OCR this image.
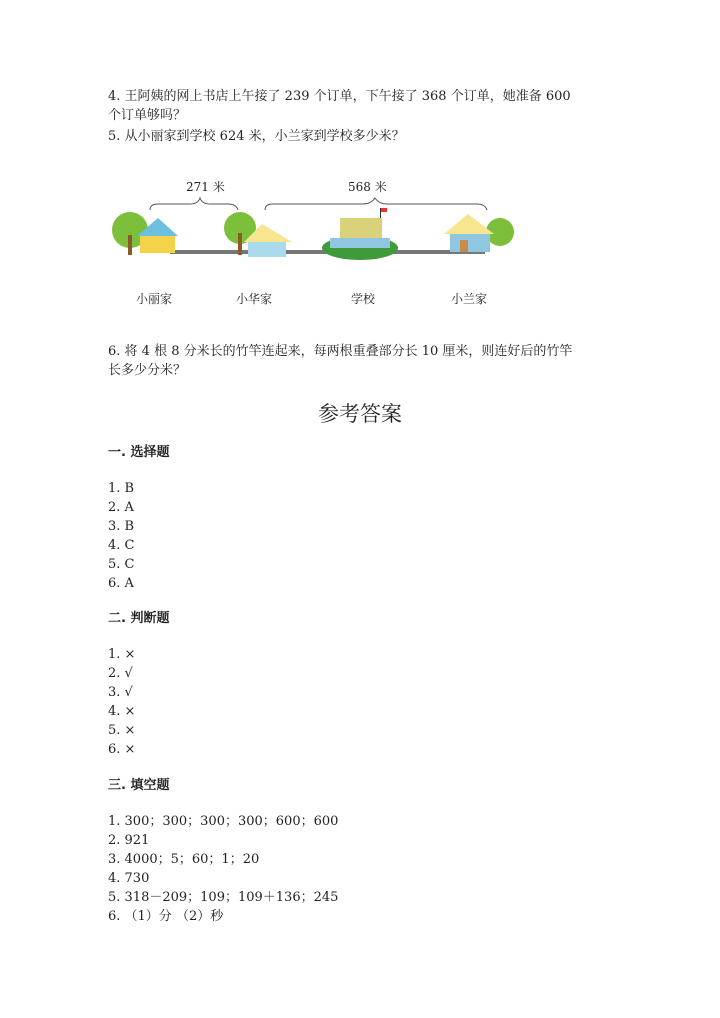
4. 王阿姨的网上书店上午接了 239 个订单，下午接了 368 个订单，她准备 600
个订单够吗？
5. 从小丽家到学校 624 米，小兰家到学校多少米？
271 米	568 米
小丽家	小华家	学校	小兰家
6. 将 4 根 8 分米长的竹竿连起来，每两根重叠部分长 10 厘米，则连好后的竹竿
长多少分米？
参考答案
一. 选择题
1. B
2. A
3. B
4. C
5. C
6. A
二. 判断题
1. ×
2. √
3. √
4. ×
5. ×
6. ×
三. 填空题
1. 300；300；300；300；600；600
2. 921
3. 4000；5；60；1；20
4. 730
5. 318－209；109；109＋136；245
6. （1）分 （2）秒
